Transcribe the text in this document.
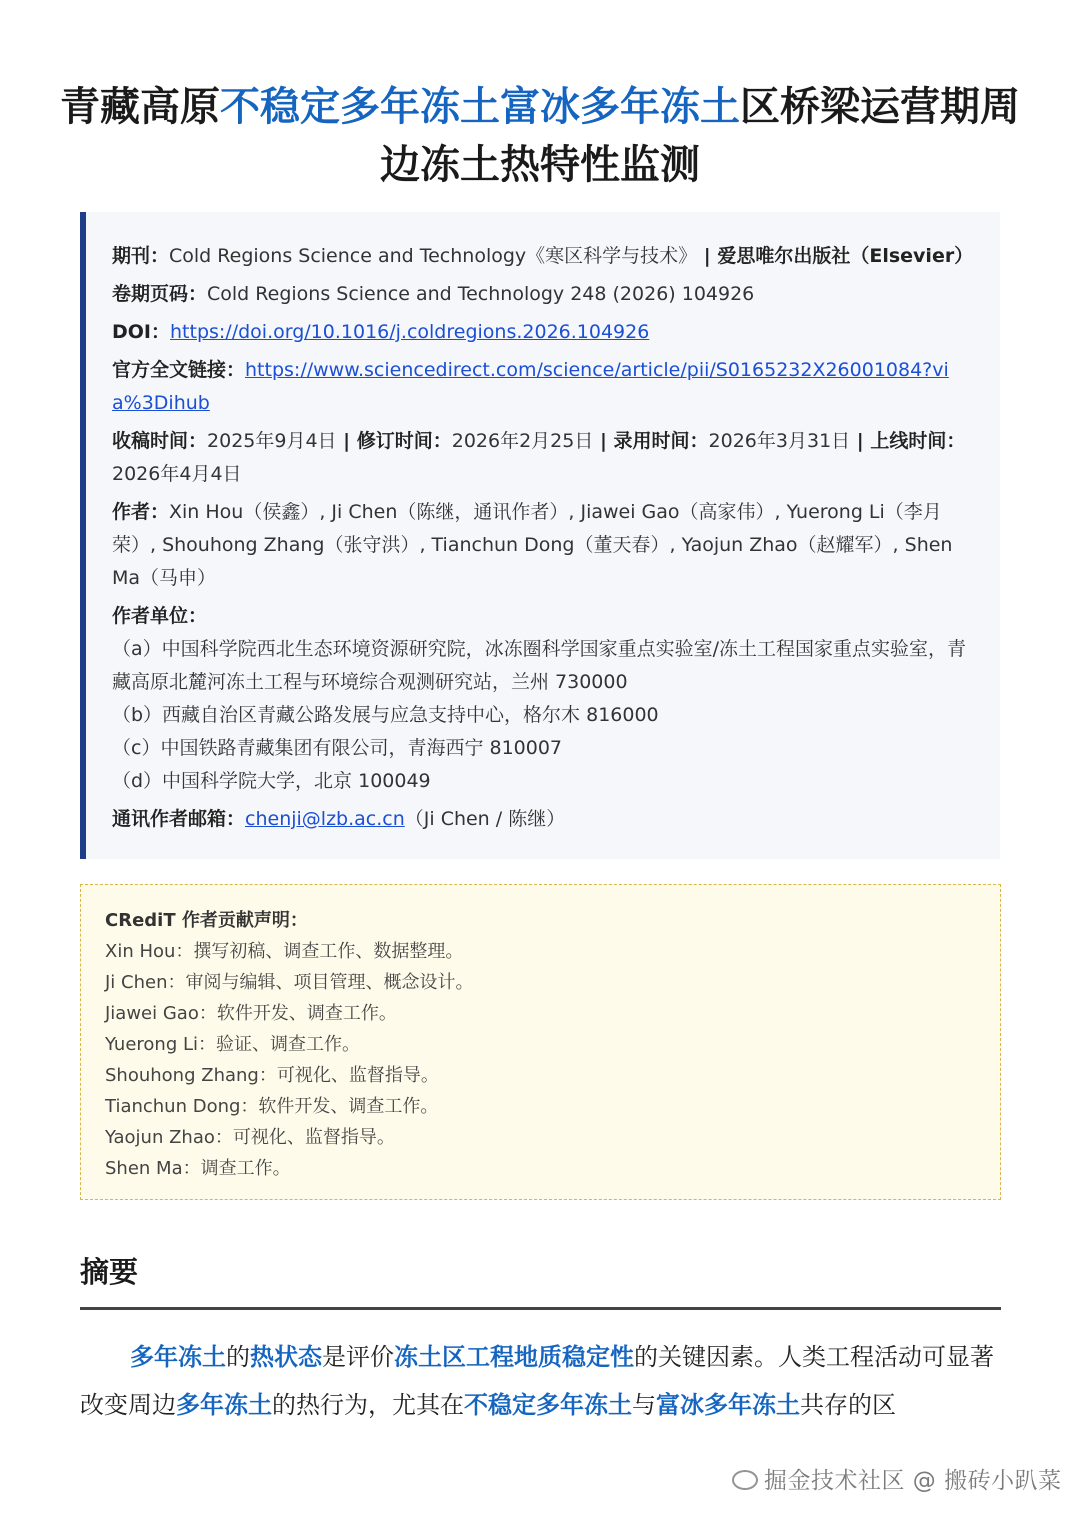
青藏高原不稳定多年冻土富冰多年冻土区桥梁运营期周边冻土热特性监测
期刊：Cold Regions Science and Technology《寒区科学与技术》 | 爱思唯尔出版社（Elsevier）
卷期页码：Cold Regions Science and Technology 248 (2026) 104926
DOI：https://doi.org/10.1016/j.coldregions.2026.104926
官方全文链接：https://www.sciencedirect.com/science/article/pii/S0165232X26001084?via%3Dihub
收稿时间：2025年9月4日 | 修订时间：2026年2月25日 | 录用时间：2026年3月31日 | 上线时间：2026年4月4日
作者：Xin Hou（侯鑫）, Ji Chen（陈继，通讯作者）, Jiawei Gao（高家伟）, Yuerong Li（李月荣）, Shouhong Zhang（张守洪）, Tianchun Dong（董天春）, Yaojun Zhao（赵耀军）, Shen Ma（马申）
作者单位：
（a）中国科学院西北生态环境资源研究院，冰冻圈科学国家重点实验室/冻土工程国家重点实验室，青藏高原北麓河冻土工程与环境综合观测研究站，兰州 730000
（b）西藏自治区青藏公路发展与应急支持中心，格尔木 816000
（c）中国铁路青藏集团有限公司，青海西宁 810007
（d）中国科学院大学，北京 100049
通讯作者邮箱：chenji@lzb.ac.cn（Ji Chen / 陈继）
CRediT 作者贡献声明：
Xin Hou：撰写初稿、调查工作、数据整理。
Ji Chen：审阅与编辑、项目管理、概念设计。
Jiawei Gao：软件开发、调查工作。
Yuerong Li：验证、调查工作。
Shouhong Zhang：可视化、监督指导。
Tianchun Dong：软件开发、调查工作。
Yaojun Zhao：可视化、监督指导。
Shen Ma：调查工作。
摘要

多年冻土的热状态是评价冻土区工程地质稳定性的关键因素。人类工程活动可显著改变周边多年冻土的热行为，尤其在不稳定多年冻土与富冰多年冻土共存的区

掘金技术社区 @ 搬砖小趴菜
